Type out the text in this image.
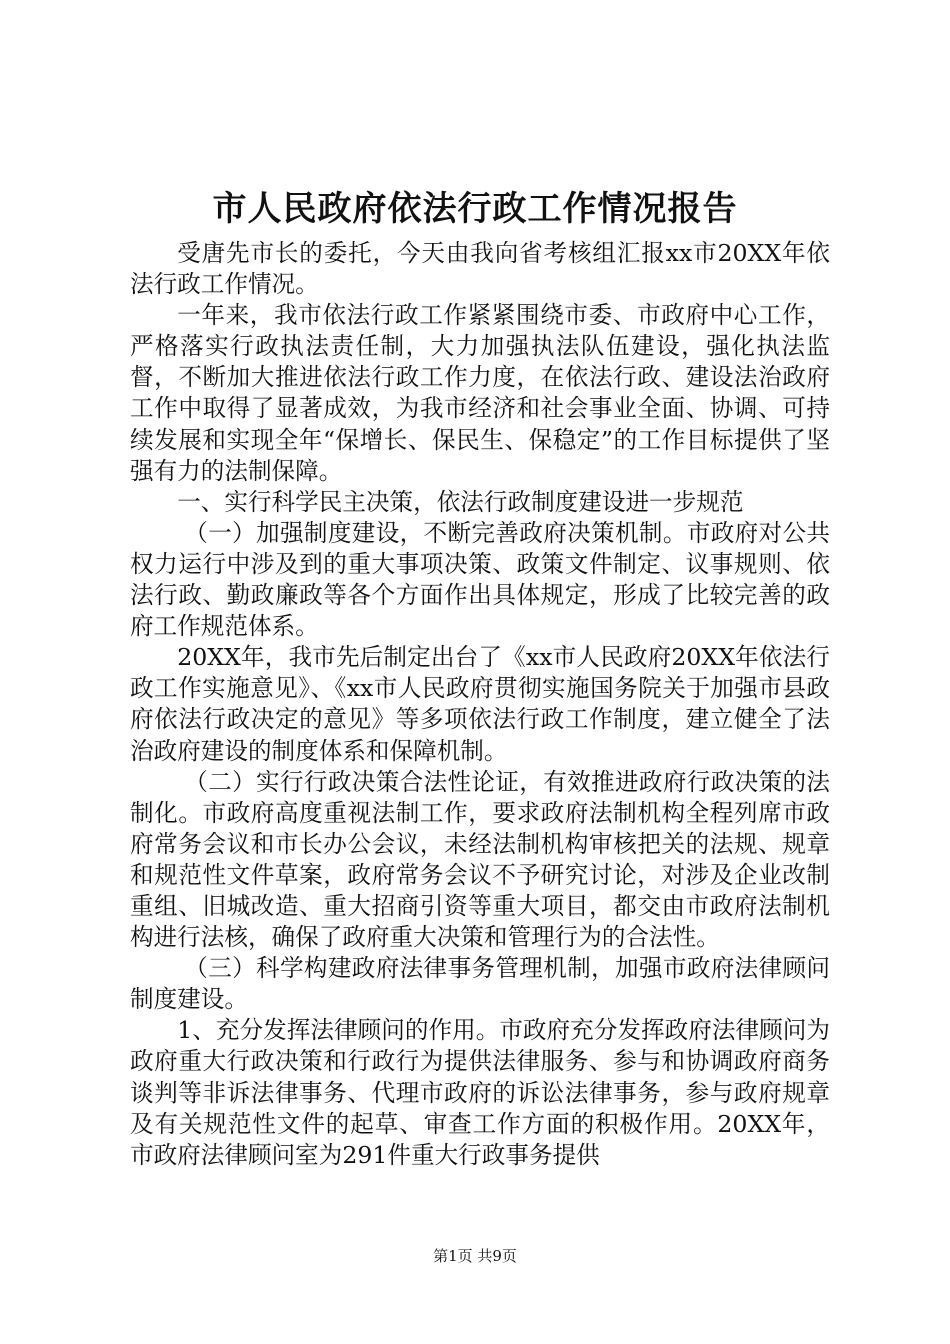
市人民政府依法行政工作情况报告

受唐先市长的委托，今天由我向省考核组汇报xx市20XX年依法行政工作情况。

一年来，我市依法行政工作紧紧围绕市委、市政府中心工作，严格落实行政执法责任制，大力加强执法队伍建设，强化执法监督，不断加大推进依法行政工作力度，在依法行政、建设法治政府工作中取得了显著成效，为我市经济和社会事业全面、协调、可持续发展和实现全年“保增长、保民生、保稳定”的工作目标提供了坚强有力的法制保障。

一、实行科学民主决策，依法行政制度建设进一步规范

（一）加强制度建设，不断完善政府决策机制。市政府对公共权力运行中涉及到的重大事项决策、政策文件制定、议事规则、依法行政、勤政廉政等各个方面作出具体规定，形成了比较完善的政府工作规范体系。

20XX年，我市先后制定出台了《xx市人民政府20XX年依法行政工作实施意见》、《xx市人民政府贯彻实施国务院关于加强市县政府依法行政决定的意见》等多项依法行政工作制度，建立健全了法治政府建设的制度体系和保障机制。

（二）实行行政决策合法性论证，有效推进政府行政决策的法制化。市政府高度重视法制工作，要求政府法制机构全程列席市政府常务会议和市长办公会议，未经法制机构审核把关的法规、规章和规范性文件草案，政府常务会议不予研究讨论，对涉及企业改制重组、旧城改造、重大招商引资等重大项目，都交由市政府法制机构进行法核，确保了政府重大决策和管理行为的合法性。

（三）科学构建政府法律事务管理机制，加强市政府法律顾问制度建设。

1、充分发挥法律顾问的作用。市政府充分发挥政府法律顾问为政府重大行政决策和行政行为提供法律服务、参与和协调政府商务谈判等非诉法律事务、代理市政府的诉讼法律事务，参与政府规章及有关规范性文件的起草、审查工作方面的积极作用。20XX年，市政府法律顾问室为291件重大行政事务提供

第1页 共9页
